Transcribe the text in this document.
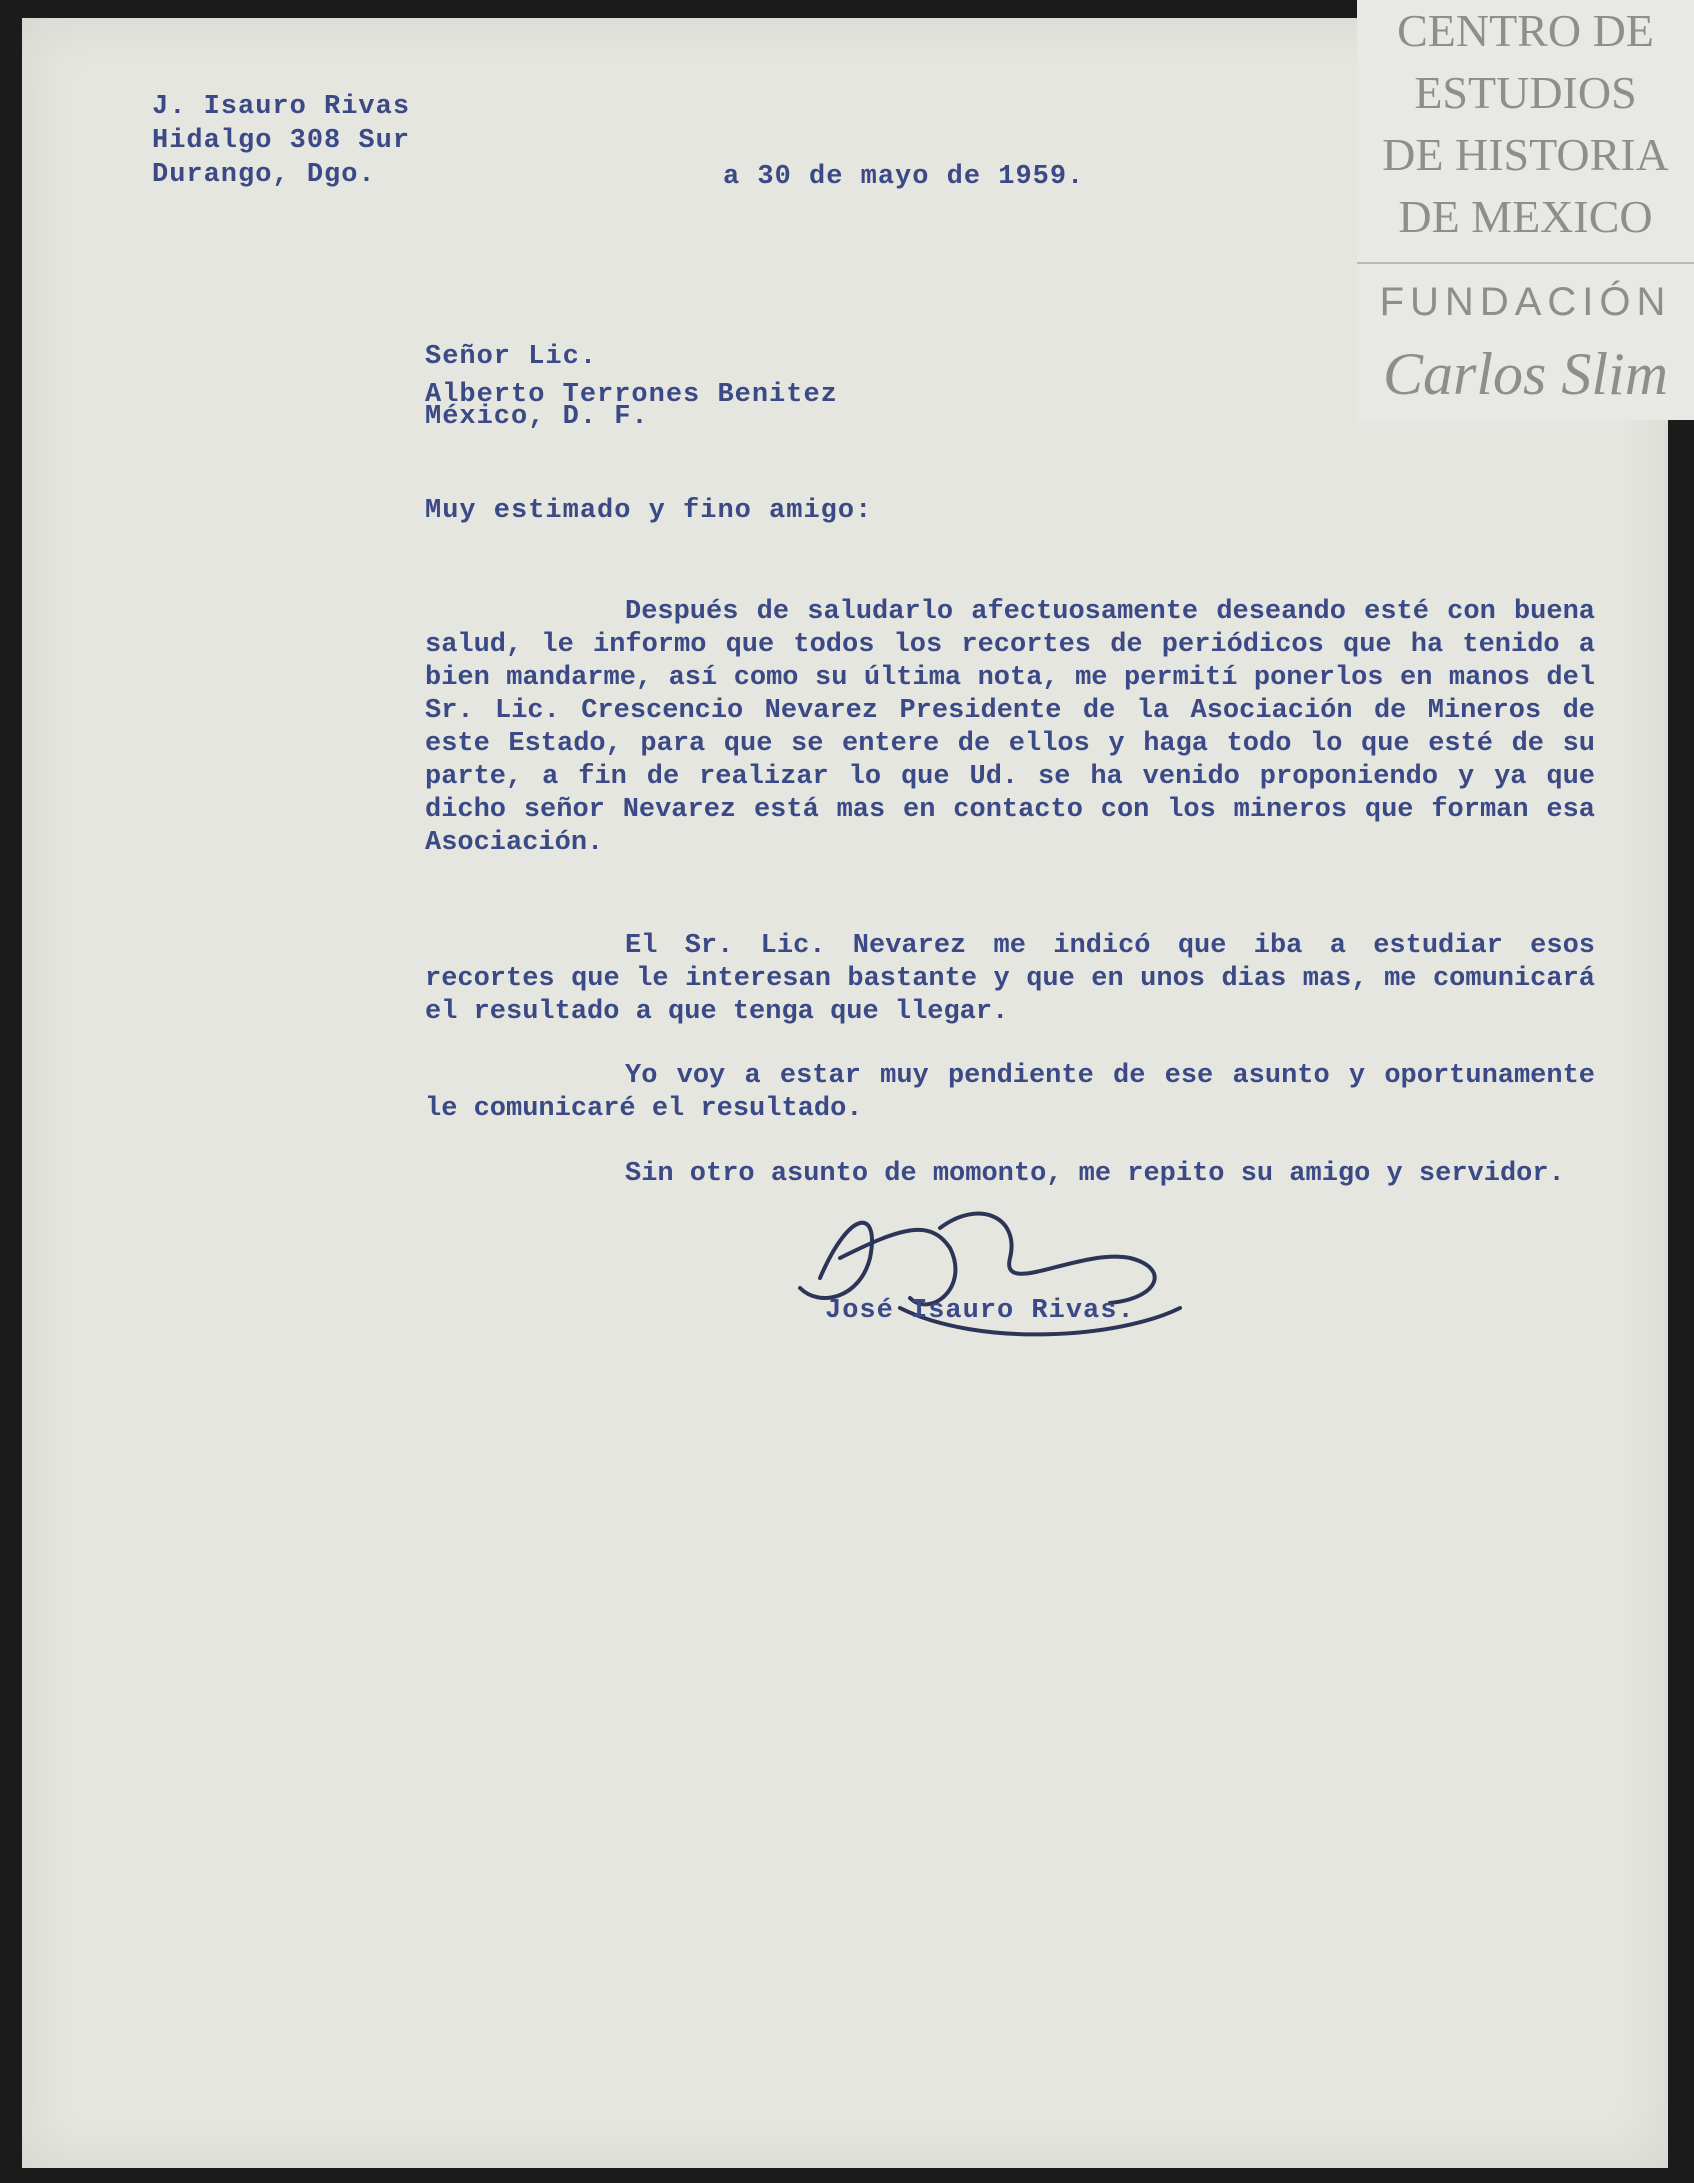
J. Isauro Rivas
Hidalgo 308 Sur
Durango, Dgo.	a 30 de mayo de 1959.
Señor Lic.
Alberto Terrones Benitez
México, D. F.
Muy estimado y fino amigo:

Después de saludarlo afectuosamente deseando esté con buena salud, le informo que todos los recortes de periódicos que ha tenido a bien mandarme, así como su última nota, me permití ponerlos en manos del Sr. Lic. Crescencio Nevarez Presidente de la Asociación de Mineros de este Estado, para que se entere de ellos y haga todo lo que esté de su parte, a fin de realizar lo que Ud. se ha venido proponiendo y ya que dicho señor Nevarez está mas en contacto con los mineros que forman esa Asociación.

El Sr. Lic. Nevarez me indicó que iba a estudiar esos recortes que le interesan bastante y que en unos dias mas, me comunicará el resultado a que tenga que llegar.

Yo voy a estar muy pendiente de ese asunto y oportunamente le comunicaré el resultado.

Sin otro asunto de momonto, me repito su amigo y servidor.

José Isauro Rivas.
CENTRO DE
ESTUDIOS
DE HISTORIA
DE MEXICO
FUNDACIÓN
Carlos Slim
